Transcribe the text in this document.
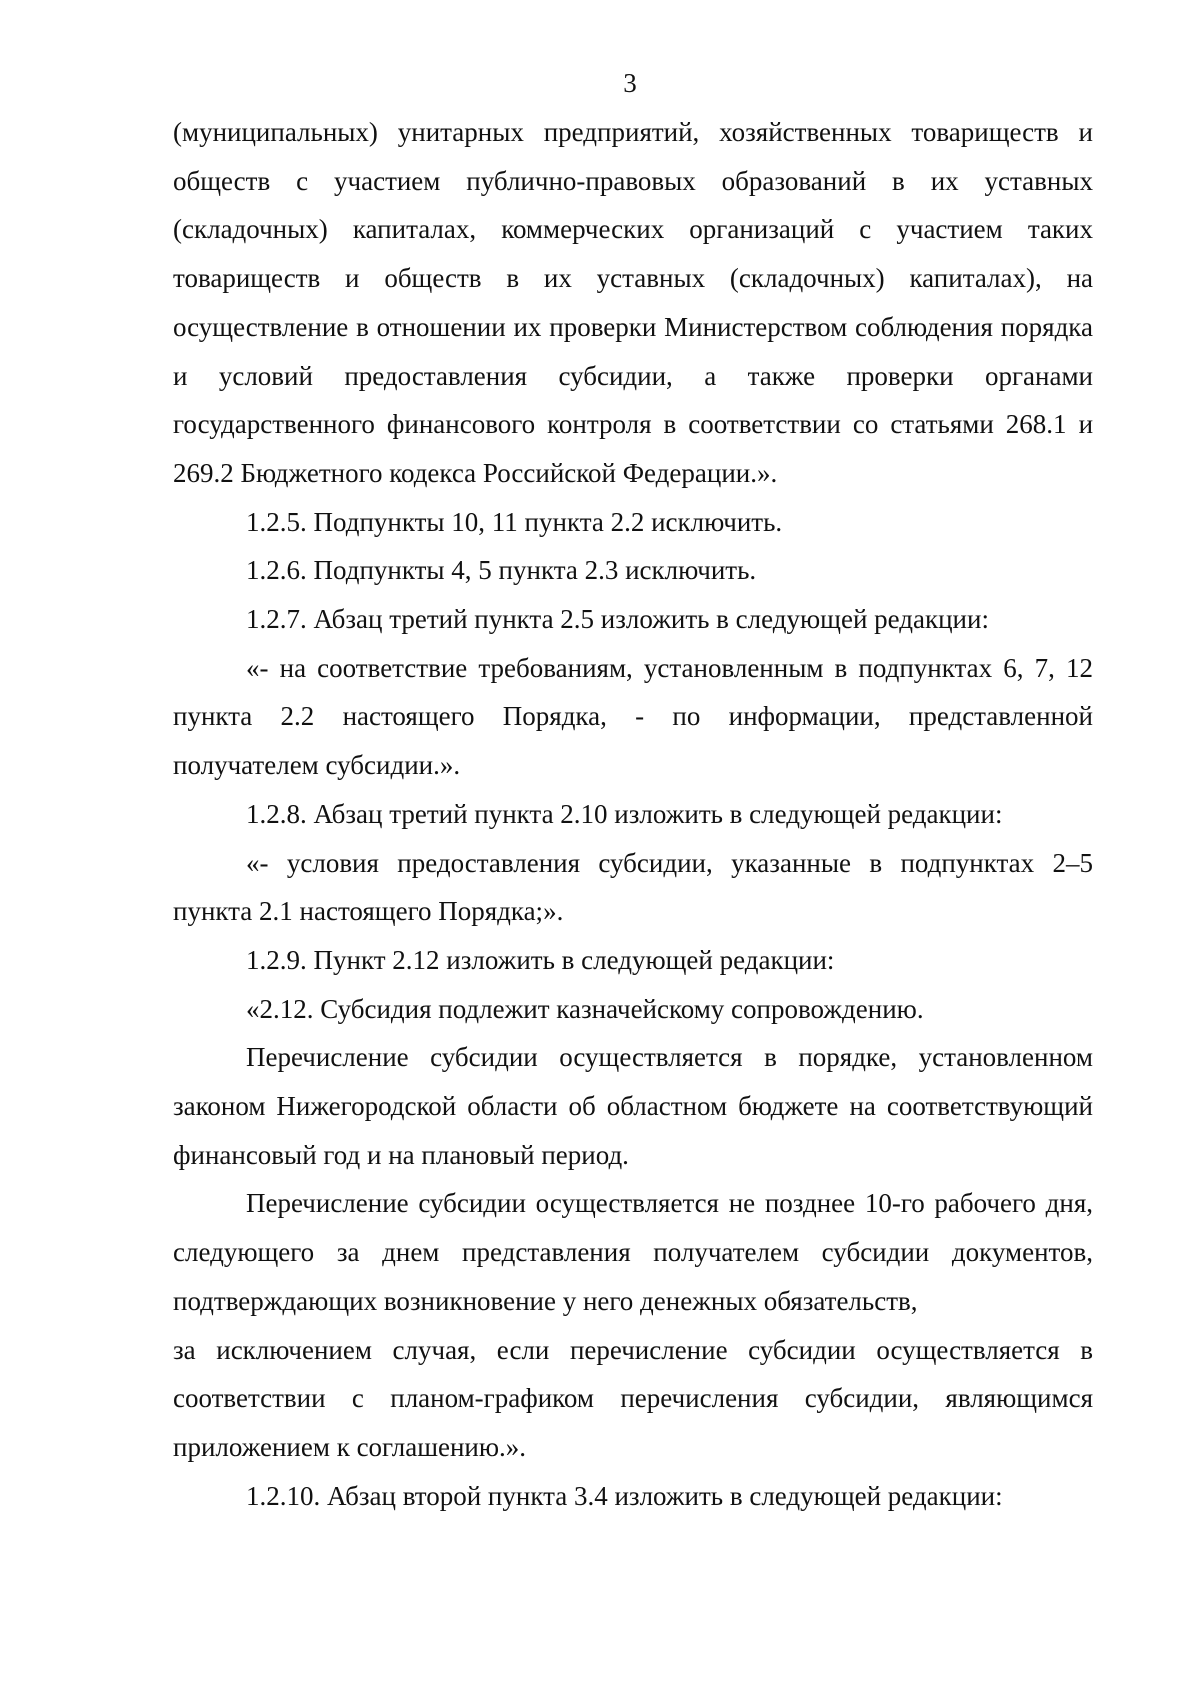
3

(муниципальных) унитарных предприятий, хозяйственных товариществ и обществ с участием публично-правовых образований в их уставных (складочных) капиталах, коммерческих организаций с участием таких товариществ и обществ в их уставных (складочных) капиталах), на осуществление в отношении их проверки Министерством соблюдения порядка и условий предоставления субсидии, а также проверки органами государственного финансового контроля в соответствии со статьями 268.1 и 269.2 Бюджетного кодекса Российской Федерации.».

1.2.5. Подпункты 10, 11 пункта 2.2 исключить.

1.2.6. Подпункты 4, 5 пункта 2.3 исключить.

1.2.7. Абзац третий пункта 2.5 изложить в следующей редакции:

«- на соответствие требованиям, установленным в подпунктах 6, 7, 12 пункта 2.2 настоящего Порядка, - по информации, представленной получателем субсидии.».

1.2.8. Абзац третий пункта 2.10 изложить в следующей редакции:

«- условия предоставления субсидии, указанные в подпунктах 2–5 пункта 2.1 настоящего Порядка;».

1.2.9. Пункт 2.12 изложить в следующей редакции:

«2.12. Субсидия подлежит казначейскому сопровождению.

Перечисление субсидии осуществляется в порядке, установленном законом Нижегородской области об областном бюджете на соответствующий финансовый год и на плановый период.

Перечисление субсидии осуществляется не позднее 10-го рабочего дня, следующего за днем представления получателем субсидии документов, подтверждающих возникновение у него денежных обязательств,

за исключением случая, если перечисление субсидии осуществляется в соответствии с планом-графиком перечисления субсидии, являющимся приложением к соглашению.».

1.2.10. Абзац второй пункта 3.4 изложить в следующей редакции:
